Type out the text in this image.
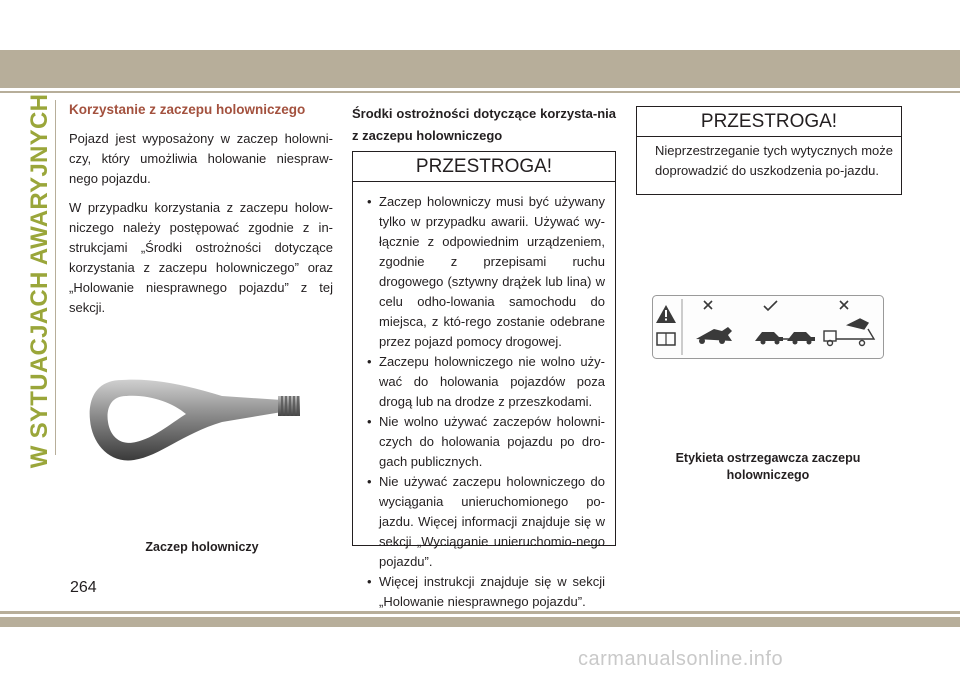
W SYTUACJACH AWARYJNYCH Korzystanie z zaczepu holowniczego

Pojazd jest wyposażony w zaczep holowni-czy, który umożliwia holowanie niespraw-nego pojazdu.

W przypadku korzystania z zaczepu holow-niczego należy postępować zgodnie z in-strukcjami „Środki ostrożności dotyczące korzystania z zaczepu holowniczego” oraz „Holowanie niesprawnego pojazdu” z tej sekcji.

Zaczep holowniczy
Środki ostrożności dotyczące korzysta-nia z zaczepu holowniczego
PRZESTROGA!
• Zaczep holowniczy musi być używany tylko w przypadku awarii. Używać wy-łącznie z odpowiednim urządzeniem, zgodnie z przepisami ruchu drogowego (sztywny drążek lub lina) w celu odho-lowania samochodu do miejsca, z któ-rego zostanie odebrane przez pojazd pomocy drogowej.
• Zaczepu holowniczego nie wolno uży-wać do holowania pojazdów poza drogą lub na drodze z przeszkodami.
• Nie wolno używać zaczepów holowni-czych do holowania pojazdu po dro-gach publicznych.
• Nie używać zaczepu holowniczego do wyciągania unieruchomionego po-jazdu. Więcej informacji znajduje się w sekcji „Wyciąganie unieruchomio-nego pojazdu”.
• Więcej instrukcji znajduje się w sekcji „Holowanie niesprawnego pojazdu”.
PRZESTROGA!
Nieprzestrzeganie tych wytycznych może doprowadzić do uszkodzenia po-jazdu.
Etykieta ostrzegawcza zaczepu holowniczego
264
carmanualsonline.info
